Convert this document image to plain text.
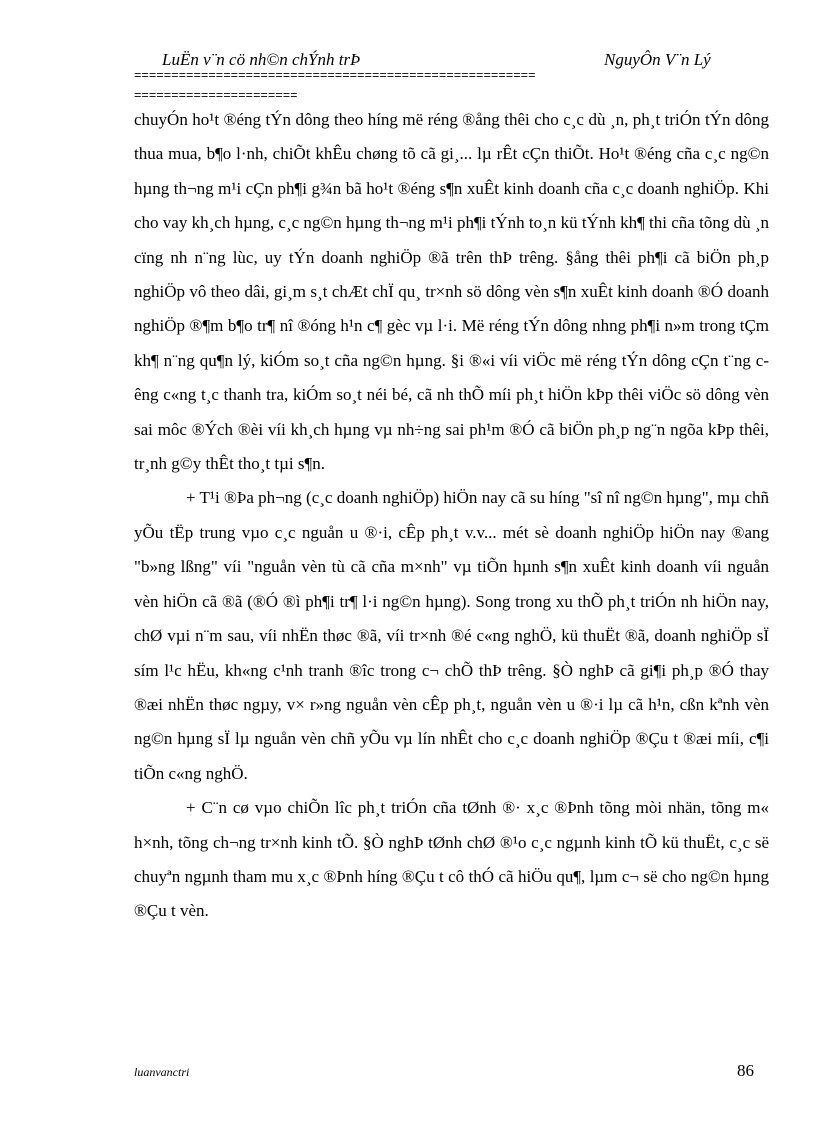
LuËn v¨n cö nh©n chÝnh trÞ	NguyÔn V¨n Lý
======================================================
======================

chuyÓn ho¹t ®éng tÝn dông theo híng më réng ®ång thêi cho c¸c dù ¸n, ph¸t triÓn tÝn dông thua mua, b¶o l·nh, chiÕt khÊu chøng tõ cã gi¸... lµ rÊt cÇn thiÕt. Ho¹t ®éng cña c¸c ng©n hµng th¬ng m¹i cÇn ph¶i g¾n bã ho¹t ®éng s¶n xuÊt kinh doanh cña c¸c doanh nghiÖp. Khi cho vay kh¸ch hµng, c¸c ng©n hµng th¬ng m¹i ph¶i tÝnh to¸n kü tÝnh kh¶ thi cña tõng dù ¸n cïng nh n¨ng lùc, uy tÝn doanh nghiÖp ®ã trên thÞ trêng. §ång thêi ph¶i cã biÖn ph¸p nghiÖp vô theo dâi, gi¸m s¸t chÆt chÏ qu¸ tr×nh sö dông vèn s¶n xuÊt kinh doanh ®Ó doanh nghiÖp ®¶m b¶o tr¶ nî ®óng h¹n c¶ gèc vµ l·i. Më réng tÝn dông nhng ph¶i n»m trong tÇm kh¶ n¨ng qu¶n lý, kiÓm so¸t cña ng©n hµng. §i ®«i víi viÖc më réng tÝn dông cÇn t¨ng cêng c«ng t¸c thanh tra, kiÓm so¸t néi bé, cã nh thÕ míi ph¸t hiÖn kÞp thêi viÖc sö dông vèn sai môc ®Ých ®èi víi kh¸ch hµng vµ nh÷ng sai ph¹m ®Ó cã biÖn ph¸p ng¨n ngõa kÞp thêi, tr¸nh g©y thÊt tho¸t tµi s¶n.

+ T¹i ®Þa ph¬ng (c¸c doanh nghiÖp) hiÖn nay cã su híng "sî nî ng©n hµng", mµ chñ yÕu tËp trung vµo c¸c nguån u ®·i, cÊp ph¸t v.v... mét sè doanh nghiÖp hiÖn nay ®ang "b»ng lßng" víi "nguån vèn tù cã cña m×nh" vµ tiÕn hµnh s¶n xuÊt kinh doanh víi nguån vèn hiÖn cã ®ã (®Ó ®ì ph¶i tr¶ l·i ng©n hµng). Song trong xu thÕ ph¸t triÓn nh hiÖn nay, chØ vµi n¨m sau, víi nhËn thøc ®ã, víi tr×nh ®é c«ng nghÖ, kü thuËt ®ã, doanh nghiÖp sÏ sím l¹c hËu, kh«ng c¹nh tranh ®îc trong c¬ chÕ thÞ trêng. §Ò nghÞ cã gi¶i ph¸p ®Ó thay ®æi nhËn thøc ngµy, v× r»ng nguån vèn cÊp ph¸t, nguån vèn u ®·i lµ cã h¹n, cßn kªnh vèn ng©n hµng sÏ lµ nguån vèn chñ yÕu vµ lín nhÊt cho c¸c doanh nghiÖp ®Çu t ®æi míi, c¶i tiÕn c«ng nghÖ.

+ C¨n cø vµo chiÕn lîc ph¸t triÓn cña tØnh ®· x¸c ®Þnh tõng mòi nhän, tõng m« h×nh, tõng ch¬ng tr×nh kinh tÕ. §Ò nghÞ tØnh chØ ®¹o c¸c ngµnh kinh tÕ kü thuËt, c¸c së chuyªn ngµnh tham mu x¸c ®Þnh híng ®Çu t cô thÓ cã hiÖu qu¶, lµm c¬ së cho ng©n hµng ®Çu t vèn.

luanvanctri	86
